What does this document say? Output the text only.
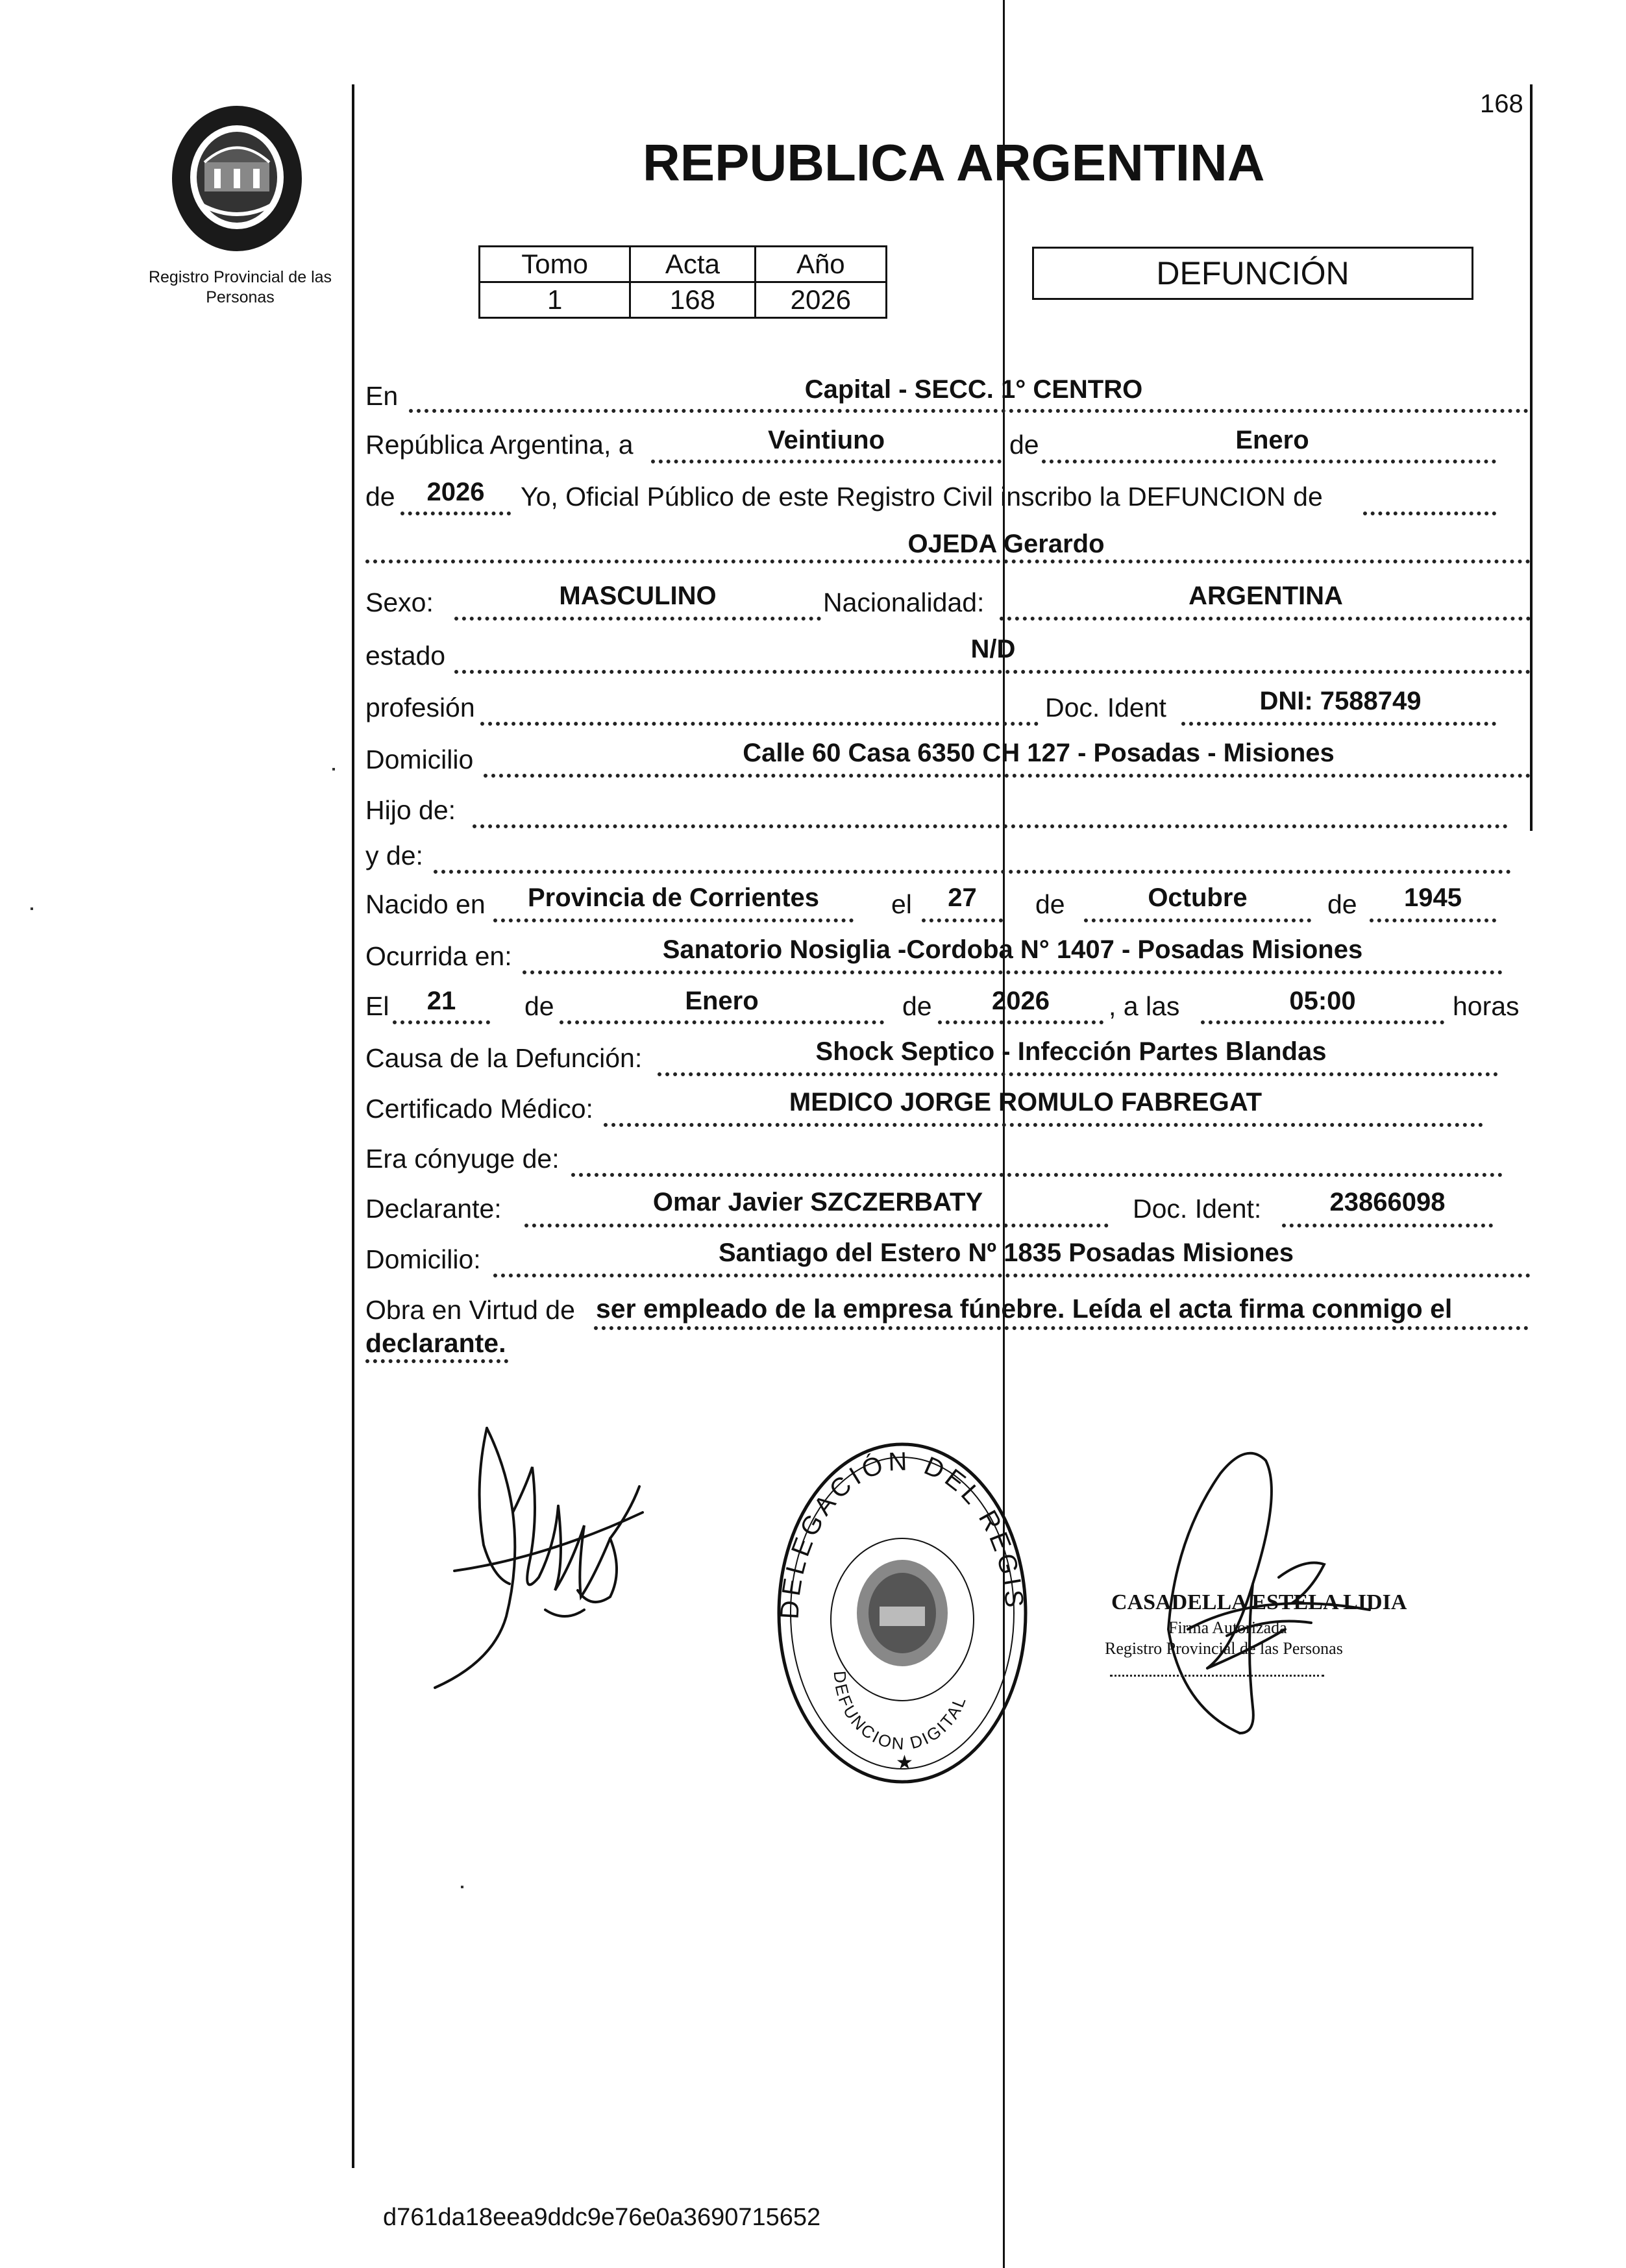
Registro Provincial de las Personas
168
REPUBLICA ARGENTINA
Tomo	Acta	Año
1	168	2026
DEFUNCIÓN
En	Capital - SECC. 1° CENTRO
República Argentina, a	Veintiuno	de	Enero
de	2026	Yo, Oficial Público de este Registro Civil inscribo la DEFUNCION de
OJEDA Gerardo
Sexo:	MASCULINO	Nacionalidad:	ARGENTINA
estado	N/D
profesión	Doc. Ident	DNI: 7588749
Domicilio	Calle 60 Casa 6350 CH 127 - Posadas - Misiones
Hijo de:
y de:
Nacido en	Provincia de Corrientes	el	27	de	Octubre	de	1945
Ocurrida en:	Sanatorio Nosiglia -Cordoba N° 1407 - Posadas Misiones
El	21	de	Enero	de	2026	, a las	05:00	horas
Causa de la Defunción:	Shock Septico - Infección Partes Blandas
Certificado Médico:	MEDICO JORGE ROMULO FABREGAT
Era cónyuge de:
Declarante:	Omar Javier SZCZERBATY	Doc. Ident:	23866098
Domicilio:	Santiago del Estero Nº 1835 Posadas Misiones
Obra en Virtud de ser empleado de la empresa fúnebre. Leída el acta firma conmigo el
declarante.
DELEGACIÓN DEL REGIS
DEFUNCION DIGITAL
★
CASADELLA ESTELA LIDIA
Firma Autorizada
Registro Provincial de las Personas
d761da18eea9ddc9e76e0a3690715652
